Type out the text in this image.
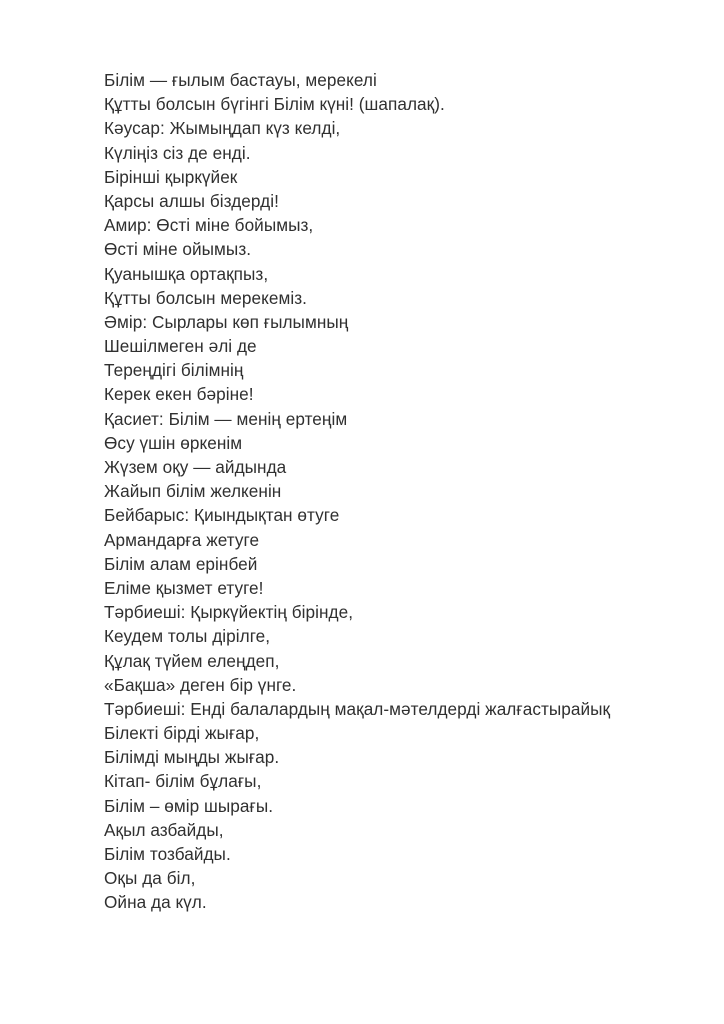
Білім — ғылым бастауы, мерекелі
Құтты болсын бүгінгі Білім күні! (шапалақ).
Кәусар: Жымыңдап күз келді,
Күліңіз сіз де енді.
Бірінші қыркүйек
Қарсы алшы біздерді!
Амир: Өсті міне бойымыз,
Өсті міне ойымыз.
Қуанышқа ортақпыз,
Құтты болсын мерекеміз.
Әмір: Сырлары көп ғылымның
Шешілмеген әлі де
Тереңдігі білімнің
Керек екен бәріне!
Қасиет: Білім — менің ертеңім
Өсу үшін өркенім
Жүзем оқу — айдында
Жайып білім желкенін
Бейбарыс: Қиындықтан өтуге
Армандарға жетуге
Білім алам ерінбей
Еліме қызмет етуге!
Тәрбиеші: Қыркүйектің бірінде,
Кеудем толы дірілге,
Құлақ түйем елеңдеп,
«Бақша» деген бір үнге.
Тәрбиеші: Енді балалардың мақал-мәтелдерді жалғастырайық
Білекті бірді жығар,
Білімді мыңды жығар.
Кітап- білім бұлағы,
Білім – өмір шырағы.
Ақыл азбайды,
Білім тозбайды.
Оқы да біл,
Ойна да күл.
